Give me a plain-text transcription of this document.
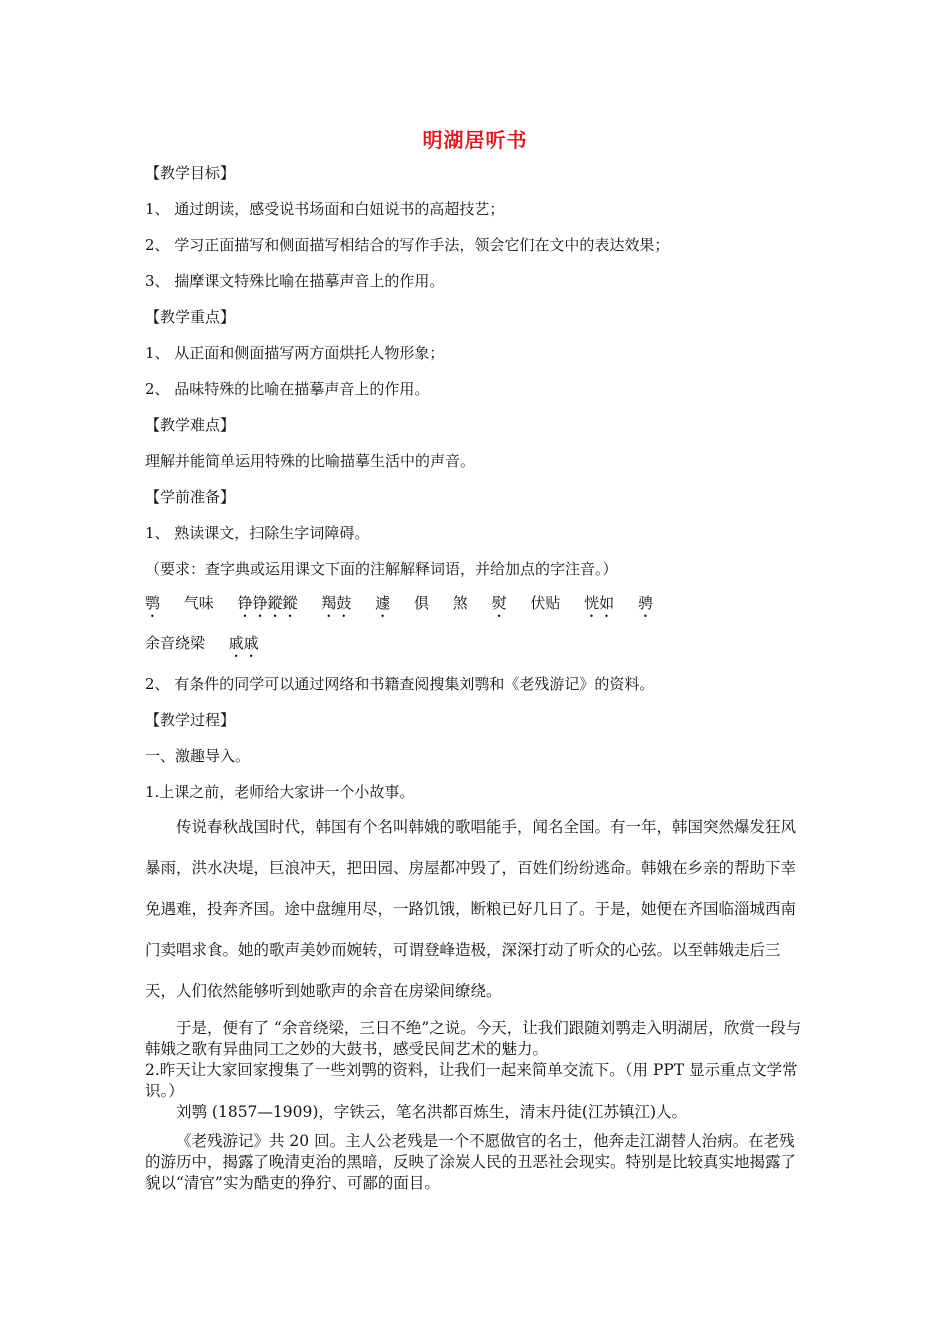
明湖居听书
【教学目标】
1、 通过朗读，感受说书场面和白妞说书的高超技艺；
2、 学习正面描写和侧面描写相结合的写作手法，领会它们在文中的表达效果；
3、 揣摩课文特殊比喻在描摹声音上的作用。
【教学重点】
1、 从正面和侧面描写两方面烘托人物形象；
2、 品味特殊的比喻在描摹声音上的作用。
【教学难点】
理解并能简单运用特殊的比喻描摹生活中的声音。
【学前准备】
1、 熟读课文，扫除生字词障碍。
（要求：查字典或运用课文下面的注解解释词语，并给加点的字注音。）
鹗 气味 铮铮鏦鏦 羯鼓 遽 俱 煞 熨 伏贴 恍如 骋
余音绕梁 戚戚
2、 有条件的同学可以通过网络和书籍查阅搜集刘鹗和《老残游记》的资料。
【教学过程】
一、激趣导入。
1.上课之前，老师给大家讲一个小故事。
传说春秋战国时代，韩国有个名叫韩娥的歌唱能手，闻名全国。有一年，韩国突然爆发狂风暴雨，洪水决堤，巨浪冲天，把田园、房屋都冲毁了，百姓们纷纷逃命。韩娥在乡亲的帮助下幸免遇难，投奔齐国。途中盘缠用尽，一路饥饿，断粮已好几日了。于是，她便在齐国临淄城西南门卖唱求食。她的歌声美妙而婉转，可谓登峰造极，深深打动了听众的心弦。以至韩娥走后三天，人们依然能够听到她歌声的余音在房梁间缭绕。
于是，便有了 “余音绕梁，三日不绝”之说。今天，让我们跟随刘鹗走入明湖居，欣赏一段与韩娥之歌有异曲同工之妙的大鼓书，感受民间艺术的魅力。
2.昨天让大家回家搜集了一些刘鹗的资料，让我们一起来简单交流下。（用 PPT 显示重点文学常识。）
刘鹗 (1857—1909)，字铁云，笔名洪都百炼生，清末丹徒(江苏镇江)人。
《老残游记》共 20 回。主人公老残是一个不愿做官的名士，他奔走江湖替人治病。在老残的游历中，揭露了晚清吏治的黑暗，反映了涂炭人民的丑恶社会现实。特别是比较真实地揭露了貌以“清官”实为酷吏的狰狞、可鄙的面目。
